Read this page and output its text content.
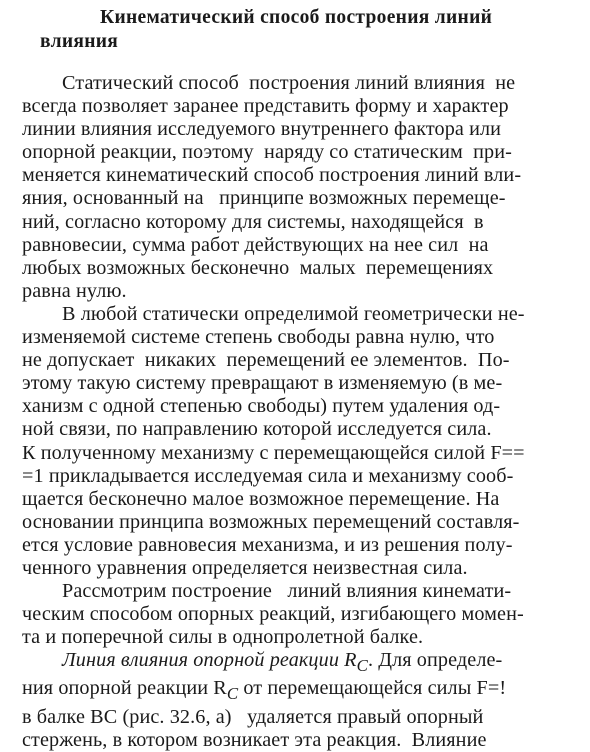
Кинематический способ построения линий
влияния
Статический способ  построения линий влияния  не
всегда позволяет заранее представить форму и характер
линии влияния исследуемого внутреннего фактора или
опорной реакции, поэтому  наряду со статическим  при-
меняется кинематический способ построения линий вли-
яния, основанный на   принципе возможных перемеще-
ний, согласно которому для системы, находящейся  в
равновесии, сумма работ действующих на нее сил  на
любых возможных бесконечно  малых  перемещениях
равна нулю.
В любой статически определимой геометрически не-
изменяемой системе степень свободы равна нулю, что
не допускает  никаких  перемещений ее элементов.  По-
этому такую систему превращают в изменяемую (в ме-
ханизм с одной степенью свободы) путем удаления од-
ной связи, по направлению которой исследуется сила.
К полученному механизму с перемещающейся силой F==
=1 прикладывается исследуемая сила и механизму сооб-
щается бесконечно малое возможное перемещение. На
основании принципа возможных перемещений составля-
ется условие равновесия механизма, и из решения полу-
ченного уравнения определяется неизвестная сила.
Рассмотрим построение   линий влияния кинемати-
ческим способом опорных реакций, изгибающего момен-
та и поперечной силы в однопролетной балке.
Линия влияния опорной реакции $R_C$. Для определе-
ния опорной реакции $R_C$ от перемещающейся силы F=!
в балке ВС (рис. 32.6, а)   удаляется правый опорный
стержень, в котором возникает эта реакция.  Влияние
